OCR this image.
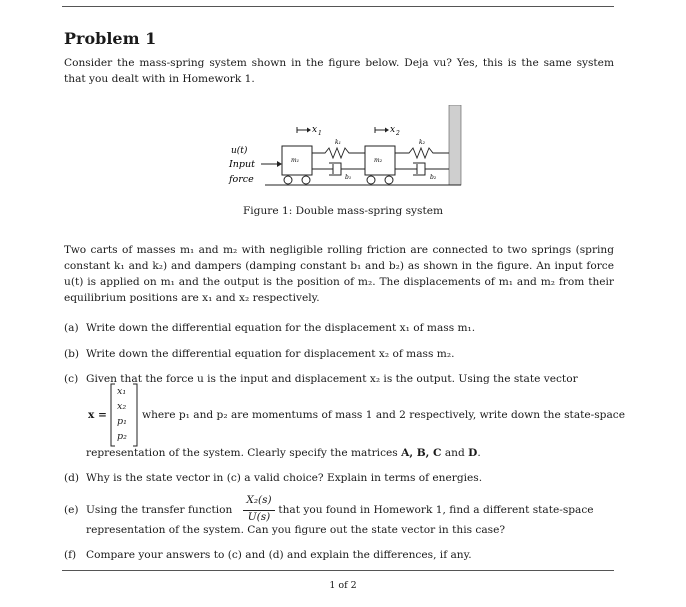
Problem 1
Consider the mass-spring system shown in the figure below. Deja vu? Yes, this is the same system that you dealt with in Homework 1.
x 1	x 2
k₁	k₂
m₁	m₂
b₁	b₂
u(t)
Input
force
Figure 1: Double mass-spring system
Two carts of masses m₁ and m₂ with negligible rolling friction are connected to two springs (spring constant k₁ and k₂) and dampers (damping constant b₁ and b₂) as shown in the figure. An input force u(t) is applied on m₁ and the output is the position of m₂. The displacements of m₁ and m₂ from their equilibrium positions are x₁ and x₂ respectively.
(a) Write down the differential equation for the displacement x₁ of mass m₁.
(b) Write down the differential equation for displacement x₂ of mass m₂.
(c) Given that the force u is the input and displacement x₂ is the output. Using the state vector
x =
x₁
x₂
p₁
p₂
where p₁ and p₂ are momentums of mass 1 and 2 respectively, write down the state-space
representation of the system. Clearly specify the matrices A, B, C and D.
(d) Why is the state vector in (c) a valid choice? Explain in terms of energies.
(e) Using the transfer function	that you found in Homework 1, find a different state-space
X₂(s)
U(s)
representation of the system. Can you figure out the state vector in this case?
(f) Compare your answers to (c) and (d) and explain the differences, if any.
1 of 2
